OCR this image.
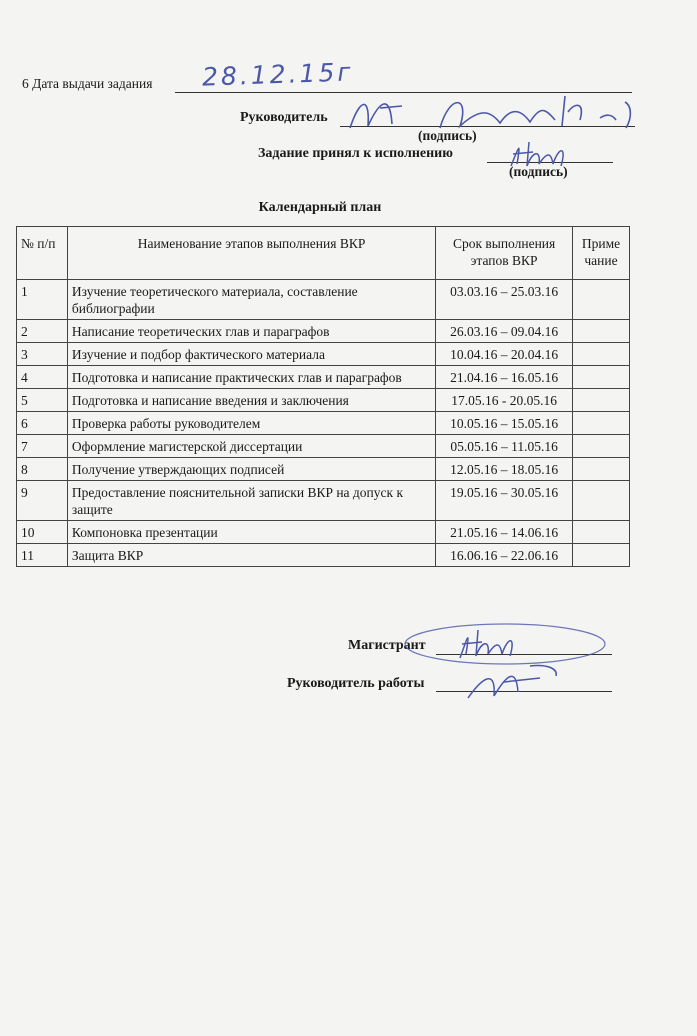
6 Дата выдачи задания 28.12.15г
Руководитель
(подпись)
Задание принял к исполнению
(подпись)
Календарный план
№ п/п	Наименование этапов выполнения ВКР	Срок выполнения этапов ВКР	Приме чание
1	Изучение теоретического материала, составление библиографии	03.03.16 – 25.03.16	
2	Написание теоретических глав и параграфов	26.03.16 – 09.04.16	
3	Изучение и подбор фактического материала	10.04.16 – 20.04.16	
4	Подготовка и написание практических глав и параграфов	21.04.16 – 16.05.16	
5	Подготовка и написание введения и заключения	17.05.16 - 20.05.16	
6	Проверка работы руководителем	10.05.16 – 15.05.16	
7	Оформление магистерской диссертации	05.05.16 – 11.05.16	
8	Получение утверждающих подписей	12.05.16 – 18.05.16	
9	Предоставление пояснительной записки ВКР на допуск к защите	19.05.16 – 30.05.16	
10	Компоновка презентации	21.05.16 – 14.06.16	
11	Защита ВКР	16.06.16 – 22.06.16	
Магистрант
Руководитель работы
